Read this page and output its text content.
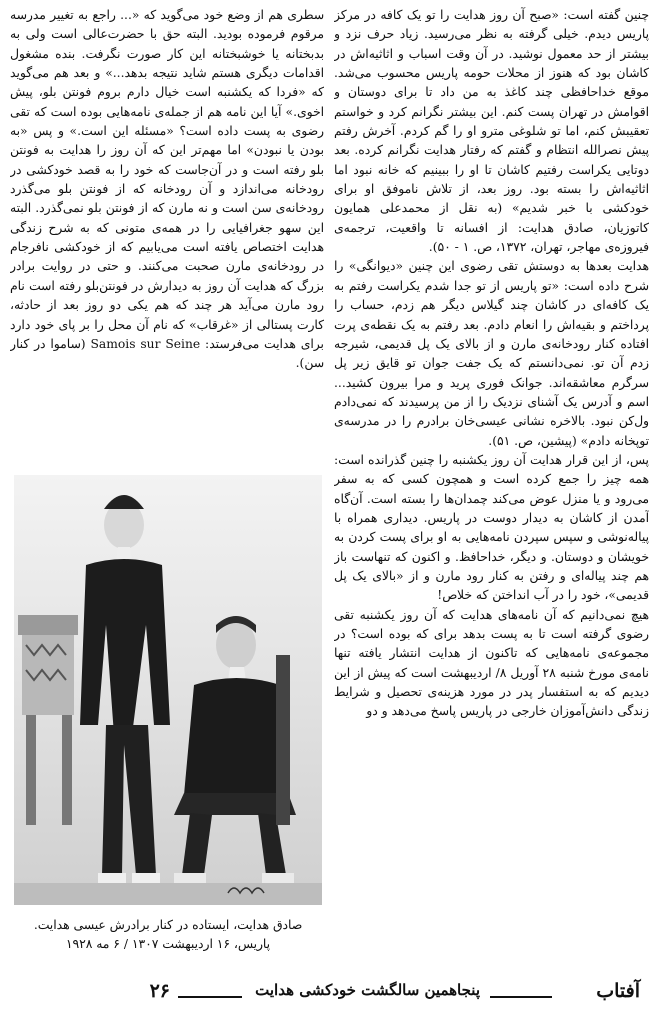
چنین گفته است: «صبح آن روز هدایت را تو یک کافه در مرکز پاریس دیدم. خیلی گرفته به نظر می‌رسید. زیاد حرف نزد و بیشتر از حد معمول نوشید. در آن وقت اسباب و اثاثیه‌اش در کاشان بود که هنوز از محلات حومه پاریس محسوب می‌شد. موقع خداحافظی چند کاغذ به من داد تا برای دوستان و اقوامش در تهران پست کنم. این بیشتر نگرانم کرد و خواستم تعقیبش کنم، اما تو شلوغی مترو او را گم کردم. آخرش رفتم پیش نصرالله انتظام و گفتم که رفتار هدایت نگرانم کرده. بعد دوتایی یکراست رفتیم کاشان تا او را ببینیم که خانه نبود اما اثاثیه‌اش را بسته بود. روز بعد، از تلاش ناموفق او برای خودکشی با خبر شدیم» (به نقل از محمدعلی همایون کاتوزیان، صادق هدایت: از افسانه تا واقعیت، ترجمه‌ی فیروزه‌ی مهاجر، تهران، ۱۳۷۲، ص. ۱ - ۵۰).

هدایت بعدها به دوستش تقی رضوی این چنین «دیوانگی» را شرح داده است: «تو پاریس از تو جدا شدم یکراست رفتم به یک کافه‌ای در کاشان چند گیلاس دیگر هم زدم، حساب را پرداختم و بقیه‌اش را انعام دادم. بعد رفتم به یک نقطه‌ی پرت افتاده کنار رودخانه‌ی مارن و از بالای یک پل قدیمی، شیرجه زدم آن تو. نمی‌دانستم که یک جفت جوان تو قایق زیر پل سرگرم معاشقه‌اند. جوانک فوری پرید و مرا بیرون کشید... اسم و آدرس یک آشنای نزدیک را از من پرسیدند که نمی‌دادم ول‌کن نبود. بالاخره نشانی عیسی‌خان برادرم را در مدرسه‌ی توپخانه دادم» (پیشین، ص. ۵۱).

پس، از این قرار هدایت آن روز یکشنبه را چنین گذرانده است: همه چیز را جمع کرده است و همچون کسی که به سفر می‌رود و یا منزل عوض می‌کند چمدان‌ها را بسته است. آن‌گاه آمدن از کاشان به دیدار دوست در پاریس. دیداری همراه با پیاله‌نوشی و سپس سپردن نامه‌هایی به او برای پست کردن به خویشان و دوستان. و دیگر، خداحافظ. و اکنون که تنهاست باز هم چند پیاله‌ای و رفتن به کنار رود مارن و از «بالای یک پل قدیمی»، خود را در آب انداختن که خلاص!

هیچ نمی‌دانیم که آن نامه‌های هدایت که آن روز یکشنبه تقی رضوی گرفته است تا به پست بدهد برای که بوده است؟ در مجموعه‌ی نامه‌هایی که تاکنون از هدایت انتشار یافته تنها نامه‌ی مورخ شنبه ۲۸ آوریل ۸/ اردیبهشت است که پیش از این دیدیم که به استفسار پدر در مورد هزینه‌ی تحصیل و شرایط زندگی دانش‌آموزان خارجی در پاریس پاسخ می‌دهد و دو

سطری هم از وضع خود می‌گوید که «... راجع به تغییر مدرسه مرقوم فرموده بودید. البته حق با حضرت‌عالی است ولی به بدبختانه یا خوشبختانه این کار صورت نگرفت. بنده مشغول اقدامات دیگری هستم شاید نتیجه بدهد...» و بعد هم می‌گوید که «فردا که یکشنبه است خیال دارم بروم فونتن بلو، پیش اخوی.» آیا این نامه هم از جمله‌ی نامه‌هایی بوده است که تقی رضوی به پست داده است؟ «مسئله این است.» و پس «به بودن یا نبودن» اما مهم‌تر این که آن روز را هدایت به فونتن بلو رفته است و در آن‌جاست که خود را به قصد خودکشی در رودخانه می‌اندازد و آن رودخانه که از فونتن بلو می‌گذرد رودخانه‌ی سن است و نه مارن که از فونتن بلو نمی‌گذرد. البته این سهو جغرافیایی را در همه‌ی متونی که به شرح زندگی هدایت اختصاص یافته است می‌یابیم که از خودکشی نافرجام در رودخانه‌ی مارن صحبت می‌کنند. و حتی در روایت برادر بزرگ که هدایت آن روز به دیدارش در فونتن‌بلو رفته است نام رود مارن می‌آید هر چند که هم یکی دو روز بعد از حادثه، کارت پستالی از «غرقاب» که نام آن محل را بر پای خود دارد برای هدایت می‌فرستد: Samois sur Seine (ساموا در کنار سن).

صادق هدایت، ایستاده در کنار برادرش عیسی هدایت.
پاریس، ۱۶ اردیبهشت ۱۳۰۷ / ۶ مه ۱۹۲۸
آفتاب
پنجاهمین سالگشت خودکشی هدایت
۲۶
